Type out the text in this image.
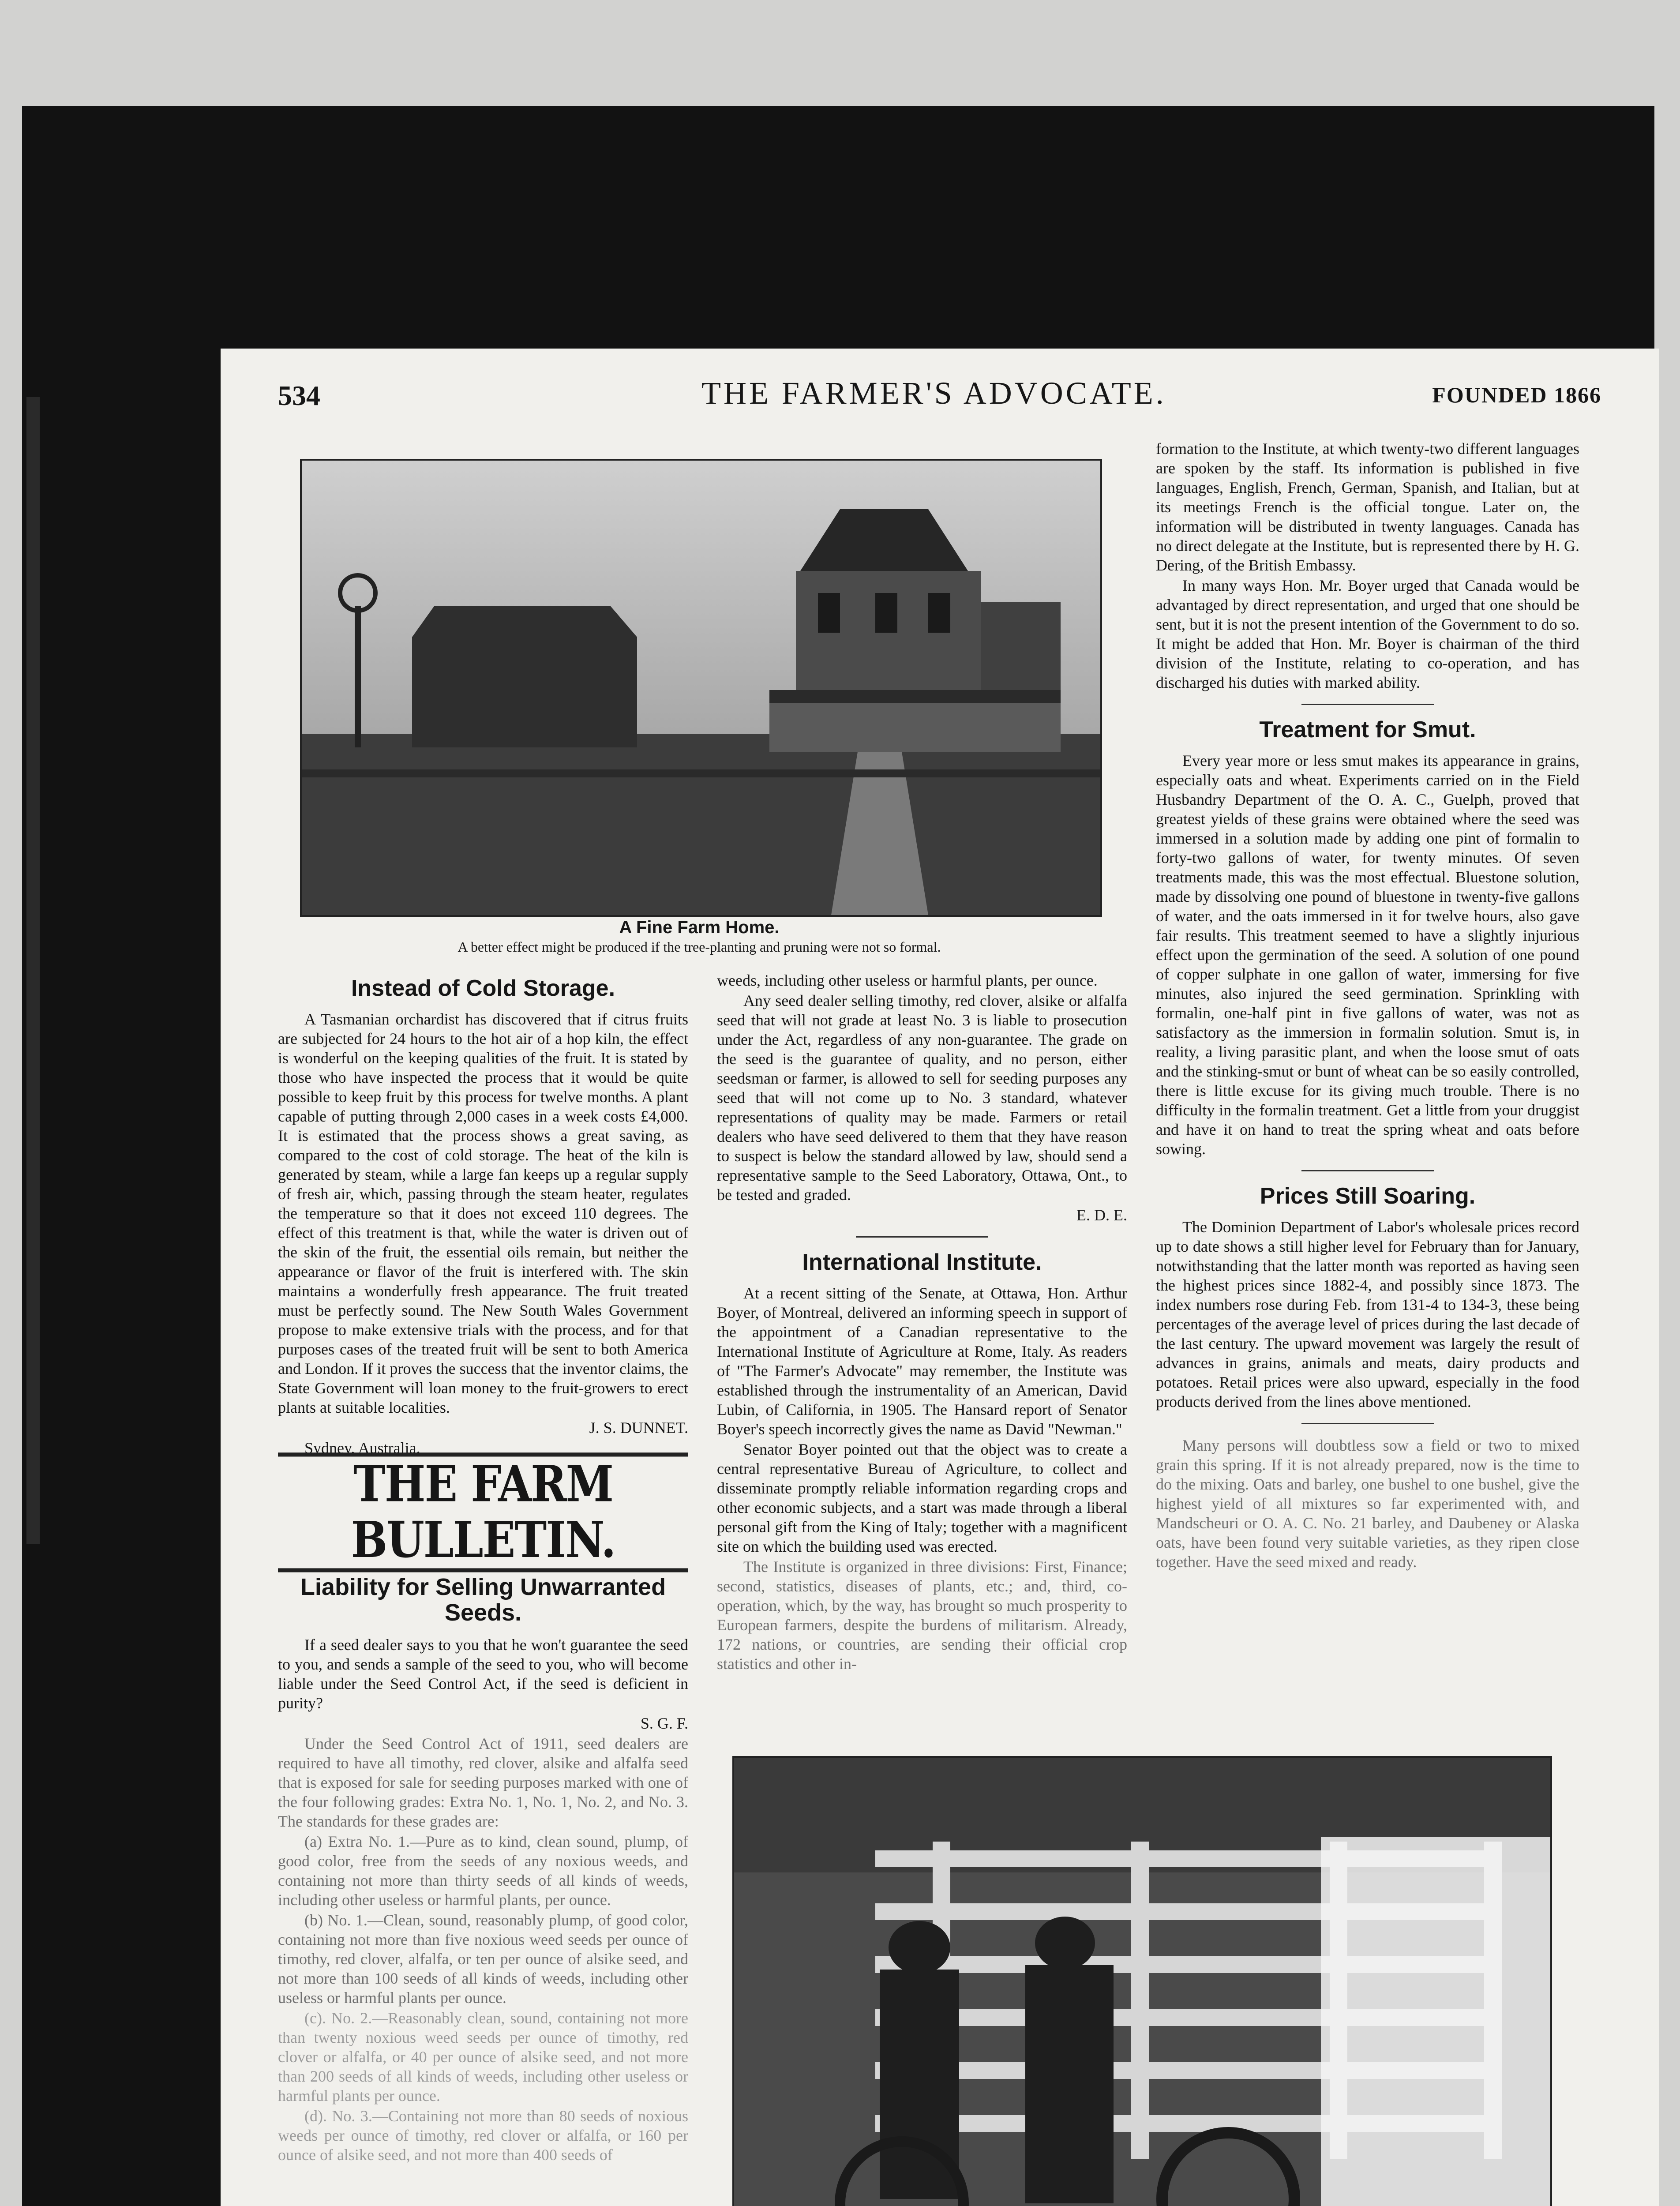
534	THE FARMER'S ADVOCATE.	FOUNDED 1866
A Fine Farm Home.
A better effect might be produced if the tree-planting and pruning were not so formal.
Instead of Cold Storage.

A Tasmanian orchardist has discovered that if citrus fruits are subjected for 24 hours to the hot air of a hop kiln, the effect is wonderful on the keeping qualities of the fruit. It is stated by those who have inspected the process that it would be quite possible to keep fruit by this process for twelve months. A plant capable of putting through 2,000 cases in a week costs £4,000. It is estimated that the process shows a great saving, as compared to the cost of cold storage. The heat of the kiln is generated by steam, while a large fan keeps up a regular supply of fresh air, which, passing through the steam heater, regulates the temperature so that it does not exceed 110 degrees. The effect of this treatment is that, while the water is driven out of the skin of the fruit, the essential oils remain, but neither the appearance or flavor of the fruit is interfered with. The skin maintains a wonderfully fresh appearance. The fruit treated must be perfectly sound. The New South Wales Government propose to make extensive trials with the process, and for that purposes cases of the treated fruit will be sent to both America and London. If it proves the success that the inventor claims, the State Government will loan money to the fruit-growers to erect plants at suitable localities.

J. S. DUNNET.

Sydney, Australia.

THE FARM BULLETIN.
Liability for Selling Unwarranted Seeds.

If a seed dealer says to you that he won't guarantee the seed to you, and sends a sample of the seed to you, who will become liable under the Seed Control Act, if the seed is deficient in purity?

S. G. F.

Under the Seed Control Act of 1911, seed dealers are required to have all timothy, red clover, alsike and alfalfa seed that is exposed for sale for seeding purposes marked with one of the four following grades: Extra No. 1, No. 1, No. 2, and No. 3. The standards for these grades are:

(a) Extra No. 1.—Pure as to kind, clean sound, plump, of good color, free from the seeds of any noxious weeds, and containing not more than thirty seeds of all kinds of weeds, including other useless or harmful plants, per ounce.

(b) No. 1.—Clean, sound, reasonably plump, of good color, containing not more than five noxious weed seeds per ounce of timothy, red clover, alfalfa, or ten per ounce of alsike seed, and not more than 100 seeds of all kinds of weeds, including other useless or harmful plants per ounce.

(c). No. 2.—Reasonably clean, sound, containing not more than twenty noxious weed seeds per ounce of timothy, red clover or alfalfa, or 40 per ounce of alsike seed, and not more than 200 seeds of all kinds of weeds, including other useless or harmful plants per ounce.

(d). No. 3.—Containing not more than 80 seeds of noxious weeds per ounce of timothy, red clover or alfalfa, or 160 per ounce of alsike seed, and not more than 400 seeds of

weeds, including other useless or harmful plants, per ounce.

Any seed dealer selling timothy, red clover, alsike or alfalfa seed that will not grade at least No. 3 is liable to prosecution under the Act, regardless of any non-guarantee. The grade on the seed is the guarantee of quality, and no person, either seedsman or farmer, is allowed to sell for seeding purposes any seed that will not come up to No. 3 standard, whatever representations of quality may be made. Farmers or retail dealers who have seed delivered to them that they have reason to suspect is below the standard allowed by law, should send a representative sample to the Seed Laboratory, Ottawa, Ont., to be tested and graded.

E. D. E.

International Institute.

At a recent sitting of the Senate, at Ottawa, Hon. Arthur Boyer, of Montreal, delivered an informing speech in support of the appointment of a Canadian representative to the International Institute of Agriculture at Rome, Italy. As readers of "The Farmer's Advocate" may remember, the Institute was established through the instrumentality of an American, David Lubin, of California, in 1905. The Hansard report of Senator Boyer's speech incorrectly gives the name as David "Newman."

Senator Boyer pointed out that the object was to create a central representative Bureau of Agriculture, to collect and disseminate promptly reliable information regarding crops and other economic subjects, and a start was made through a liberal personal gift from the King of Italy; together with a magnificent site on which the building used was erected.

The Institute is organized in three divisions: First, Finance; second, statistics, diseases of plants, etc.; and, third, co-operation, which, by the way, has brought so much prosperity to European farmers, despite the burdens of militarism. Already, 172 nations, or countries, are sending their official crop statistics and other in-

formation to the Institute, at which twenty-two different languages are spoken by the staff. Its information is published in five languages, English, French, German, Spanish, and Italian, but at its meetings French is the official tongue. Later on, the information will be distributed in twenty languages. Canada has no direct delegate at the Institute, but is represented there by H. G. Dering, of the British Embassy.

In many ways Hon. Mr. Boyer urged that Canada would be advantaged by direct representation, and urged that one should be sent, but it is not the present intention of the Government to do so. It might be added that Hon. Mr. Boyer is chairman of the third division of the Institute, relating to co-operation, and has discharged his duties with marked ability.

Treatment for Smut.

Every year more or less smut makes its appearance in grains, especially oats and wheat. Experiments carried on in the Field Husbandry Department of the O. A. C., Guelph, proved that greatest yields of these grains were obtained where the seed was immersed in a solution made by adding one pint of formalin to forty-two gallons of water, for twenty minutes. Of seven treatments made, this was the most effectual. Bluestone solution, made by dissolving one pound of bluestone in twenty-five gallons of water, and the oats immersed in it for twelve hours, also gave fair results. This treatment seemed to have a slightly injurious effect upon the germination of the seed. A solution of one pound of copper sulphate in one gallon of water, immersing for five minutes, also injured the seed germination. Sprinkling with formalin, one-half pint in five gallons of water, was not as satisfactory as the immersion in formalin solution. Smut is, in reality, a living parasitic plant, and when the loose smut of oats and the stinking-smut or bunt of wheat can be so easily controlled, there is little excuse for its giving much trouble. There is no difficulty in the formalin treatment. Get a little from your druggist and have it on hand to treat the spring wheat and oats before sowing.

Prices Still Soaring.

The Dominion Department of Labor's wholesale prices record up to date shows a still higher level for February than for January, notwithstanding that the latter month was reported as having seen the highest prices since 1882-4, and possibly since 1873. The index numbers rose during Feb. from 131-4 to 134-3, these being percentages of the average level of prices during the last decade of the last century. The upward movement was largely the result of advances in grains, animals and meats, dairy products and potatoes. Retail prices were also upward, especially in the food products derived from the lines above mentioned.

Many persons will doubtless sow a field or two to mixed grain this spring. If it is not already prepared, now is the time to do the mixing. Oats and barley, one bushel to one bushel, give the highest yield of all mixtures so far experimented with, and Mandscheuri or O. A. C. No. 21 barley, and Daubeney or Alaska oats, have been found very suitable varieties, as they ripen close together. Have the seed mixed and ready.
